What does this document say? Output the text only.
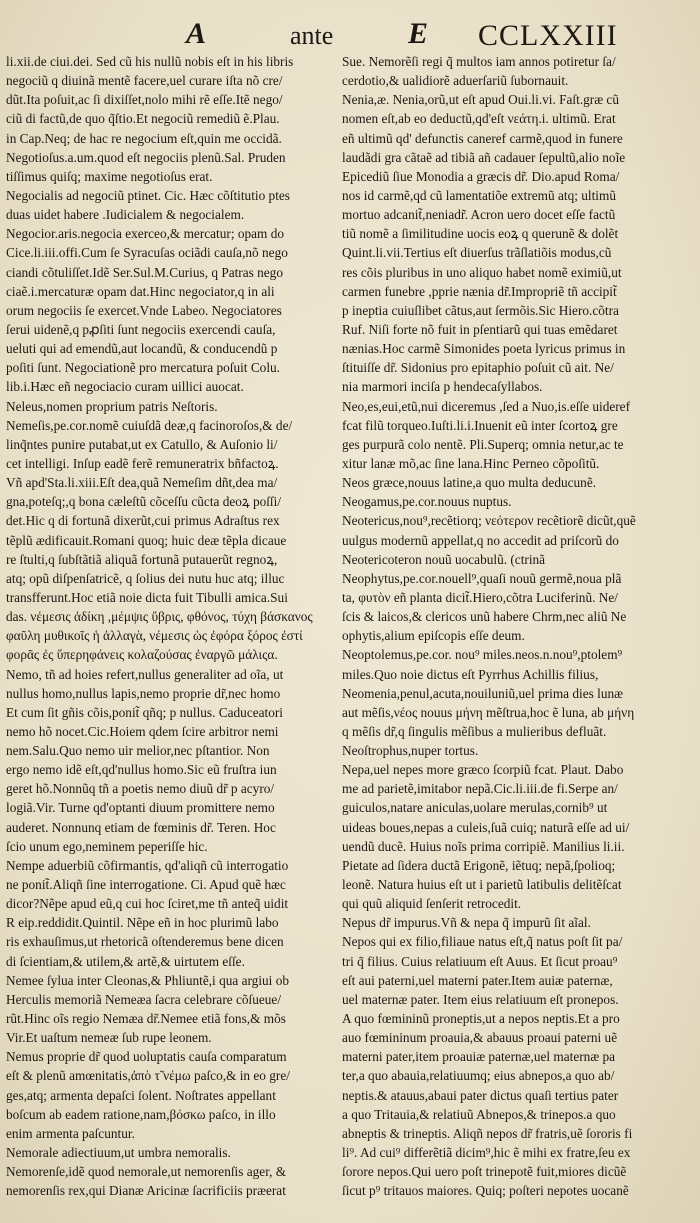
A	ante E CCLXXIII
li.xii.de ciui.dei. Sed cũ his nullũ nobis eſt in his libris
negociũ q diuinã mentẽ facere,uel curare iſta nõ cre/
dũt.Ita poſuit,ac ſi dixiſſet,nolo mihi rẽ eſſe.Itẽ nego/
ciũ di factũ,de quo q̃ſtio.Et negociũ remediũ ẽ.Plau.
in Cap.Neq; de hac re negocium eſt,quin me occidã.
Negotioſus.a.um.quod eſt negociis plenũ.Sal. Pruden
tiſſimus quiſq; maxime negotioſus erat.
Negocialis ad negociũ ptinet. Cic. Hæc cõſtitutio ptes
duas uidet habere .Iudicialem & negocialem.
Negocior.aris.negocia exerceo,& mercatur; opam do
Cice.li.iii.offi.Cum ſe Syracuſas ociãdi cauſa,nõ nego
ciandi cõtuliſſet.Idẽ Ser.Sul.M.Curius, q Patras nego
ciaẽ.i.mercaturæ opam dat.Hinc negociator,q in ali
orum negociis ſe exercet.Vnde Labeo. Negociatores
ſerui uidenẽ,q pꝓſiti ſunt negociis exercendi cauſa,
ueluti qui ad emendũ,aut locandũ, & conducendũ p
poſiti ſunt. Negociationẽ pro mercatura poſuit Colu.
lib.i.Hæc eñ negociacio curam uillici auocat.
Neleus,nomen proprium patris Neſtoris.
Nemeſis,pe.cor.nomẽ cuiuſdã deæ,q facinoroſos,& de/
linq̃ntes punire putabat,ut ex Catullo, & Auſonio li/
cet intelligi. Inſup eadẽ ferẽ remuneratrix bñfactoꝝ.
Vñ apd'Sta.li.xiii.Eſt dea,quã Nemeſim dñt,dea ma/
gna,poteſq;,q bona cæleſtũ cõceſſu cũcta deoꝝ poſſi/
det.Hic q di fortunã dixerũt,cui primus Adraſtus rex
tẽplũ ædificauit.Romani quoq; huic deæ tẽpla dicaue
re ſtulti,q ſubſtãtiã aliquã fortunã putauerũt regnoꝝ,
atq; opũ diſpenſatricẽ, q ſolius dei nutu huc atq; illuc
transfferunt.Hoc etiã noie dicta fuit Tibulli amica.Sui
das. νέμεσις ἀδίκη ,μέμψις ὕβρις, φθόνος, τύχη βάσκανος
φαῦλη μυθικοῖς ἡ ἀλλαγὰ, νέμεσις ὡς ἐφόρα ξόρος ἐστί
φορᾶς ἐς ὕπερηφάνεις κολαζούσας ἐναργῶ μάλιςα.
Nemo, tñ ad hoies refert,nullus generaliter ad oĩa, ut
nullus homo,nullus lapis,nemo proprie dr̃,nec homo
Et cum ſit gñis cõis,ponit̃ qñq; p nullus. Caduceatori
nemo hõ nocet.Cic.Hoiem qdem ſcire arbitror nemi
nem.Salu.Quo nemo uir melior,nec pſtantior. Non
ergo nemo idẽ eſt,qd'nullus homo.Sic eũ fruſtra iun
geret hõ.Nonnũq tñ a poetis nemo diuũ dr̃ p acyro/
logiã.Vir. Turne qd'optanti diuum promittere nemo
auderet. Nonnunq etiam de fœminis dr̃. Teren. Hoc
ſcio unum ego,neminem peperiſſe hic.
Nempe aduerbiũ cõfirmantis, qd'aliqñ cũ interrogatio
ne ponit̃.Aliqñ ſine interrogatione. Ci. Apud quẽ hæc
dicor?Nẽpe apud eũ,q cui hoc ſciret,me tñ anteq̃ uidit
R eip.reddidit.Quintil. Nẽpe eñ in hoc plurimũ labo
ris exhauſimus,ut rhetoricã oſtenderemus bene dicen
di ſcientiam,& utilem,& artẽ,& uirtutem eſſe.
Nemee ſylua inter Cleonas,& Phliuntẽ,i qua argiui ob
Herculis memoriã Nemeæa ſacra celebrare cõſueue/
rũt.Hinc oĩs regio Nemæa dr̃.Nemee etiã fons,& mõs
Vir.Et uaſtum nemeæ ſub rupe leonem.
Nemus proprie dr̃ quod uoluptatis cauſa comparatum
eſt & plenũ amœnitatis,ἀπὸ τ̃ νέμω paſco,& in eo gre/
ges,atq; armenta depaſci ſolent. Noſtrates appellant
boſcum ab eadem ratione,nam,βόσκω paſco, in illo
enim armenta paſcuntur.
Nemorale adiectiuum,ut umbra nemoralis.
Nemorenſe,idẽ quod nemorale,ut nemorenſis ager, &
nemorenſis rex,qui Dianæ Aricinæ ſacrificiis præerat
Sue. Nemorẽſi regi q̃ multos iam annos potiretur ſa/
cerdotio,& ualidiorẽ aduerſariũ ſubornauit.
Nenia,æ. Nenia,orũ,ut eſt apud Oui.li.vi. Faſt.græ cũ
nomen eſt,ab eo deductũ,qd'eſt νεάτη.i. ultimũ. Erat
eñ ultimũ qd' defunctis caneref carmẽ,quod in funere
laudãdi gra cãtaẽ ad tibiã añ cadauer ſepultũ,alio noĩe
Epicediũ ſiue Monodia a græcis dr̃. Dio.apud Roma/
nos id carmẽ,qd cũ lamentatiõe extremũ atq; ultimũ
mortuo adcanit̃,neniadr̃. Acron uero docet eſſe factũ
tiũ nomẽ a ſimilitudine uocis eoꝝ q querunẽ & dolẽt
Quint.li.vii.Tertius eſt diuerſus trãſlatiõis modus,cũ
res cõis pluribus in uno aliquo habet nomẽ eximiũ,ut
carmen funebre ,pprie nænia dr̃.Impropriẽ tñ accipit̃
p ineptia cuiuſlibet cãtus,aut ſermõis.Sic Hiero.cõtra
Ruf. Niſi forte nõ fuit in pſentiarũ qui tuas emẽdaret
nænias.Hoc carmẽ Simonides poeta lyricus primus in
ſtituiſſe dr̃. Sidonius pro epitaphio poſuit cũ ait. Ne/
nia marmori inciſa p hendecaſyllabos.
Neo,es,eui,etũ,nui diceremus ,ſed a Nuo,is.eſſe uideref
fcat filũ torqueo.Iuſti.li.i.Inuenit eũ inter ſcortoꝝ gre
ges purpurã colo nentẽ. Pli.Superq; omnia netur,ac te
xitur lanæ mõ,ac ſine lana.Hinc Perneo cõpoſitũ.
Neos græce,nouus latine,a quo multa deducunẽ.
Neogamus,pe.cor.nouus nuptus.
Neotericus,nou⁹,recẽtiorq; νεότερον recẽtiorẽ dicũt,quẽ
uulgus modernũ appellat,q no accedit ad priſcorũ do
Neotericoteron nouũ uocabulũ. (ctrinã
Neophytus,pe.cor.nouell⁹,quaſi nouũ germẽ,noua plã
ta, φυτὸν eñ planta dicit̃.Hiero,cõtra Luciferinũ. Ne/
ſcis & laicos,& clericos unũ habere Chrm,nec aliũ Ne
ophytis,alium epiſcopis eſſe deum.
Neoptolemus,pe.cor. nou⁹ miles.neos.n.nou⁹,ptolem⁹
miles.Quo noie dictus eſt Pyrrhus Achillis filius,
Neomenia,penul,acuta,nouiluniũ,uel prima dies lunæ
aut mẽſis,νέος nouus μήνη mẽſtrua,hoc ẽ luna, ab μήνη
q mẽſis dr̃,q ſingulis mẽſibus a mulieribus defluãt.
Neoſtrophus,nuper tortus.
Nepa,uel nepes more græco ſcorpiũ fcat. Plaut. Dabo
me ad parietẽ,imitabor nepã.Cic.li.iii.de fi.Serpe an/
guiculos,natare aniculas,uolare merulas,cornib⁹ ut
uideas boues,nepas a culeis,ſuã cuiq; naturã eſſe ad ui/
uendũ ducẽ. Huius noĩs prima corripiẽ. Manilius li.ii.
Pietate ad ſidera ductã Erigonẽ, iẽtuq; nepã,ſpolioq;
leonẽ. Natura huius eſt ut i parietũ latibulis delitẽſcat
qui quũ aliquid ſenſerit retrocedit.
Nepus dr̃ impurus.Vñ & nepa q̃ impurũ ſit aĩal.
Nepos qui ex filio,filiaue natus eſt,q̃ natus poſt ſit pa/
tri q̃ filius. Cuius relatiuum eſt Auus. Et ſicut proau⁹
eſt aui paterni,uel materni pater.Item auiæ paternæ,
uel maternæ pater. Item eius relatiuum eſt pronepos.
A quo fœmininũ proneptis,ut a nepos neptis.Et a pro
auo fœmininum proauia,& abauus proaui paterni uẽ
materni pater,item proauiæ paternæ,uel maternæ pa
ter,a quo abauia,relatiuumq; eius abnepos,a quo ab/
neptis.& atauus,abaui pater dictus quaſi tertius pater
a quo Tritauia,& relatiuũ Abnepos,& trinepos.a quo
abneptis & trineptis. Aliqñ nepos dr̃ fratris,uẽ ſororis fi
li⁹. Ad cui⁹ differẽtiã dicim⁹,hic ẽ mihi ex fratre,ſeu ex
ſorore nepos.Qui uero poſt trinepotẽ fuit,miores dicũẽ
ſicut p⁹ tritauos maiores. Quiq; poſteri nepotes uocanẽ
